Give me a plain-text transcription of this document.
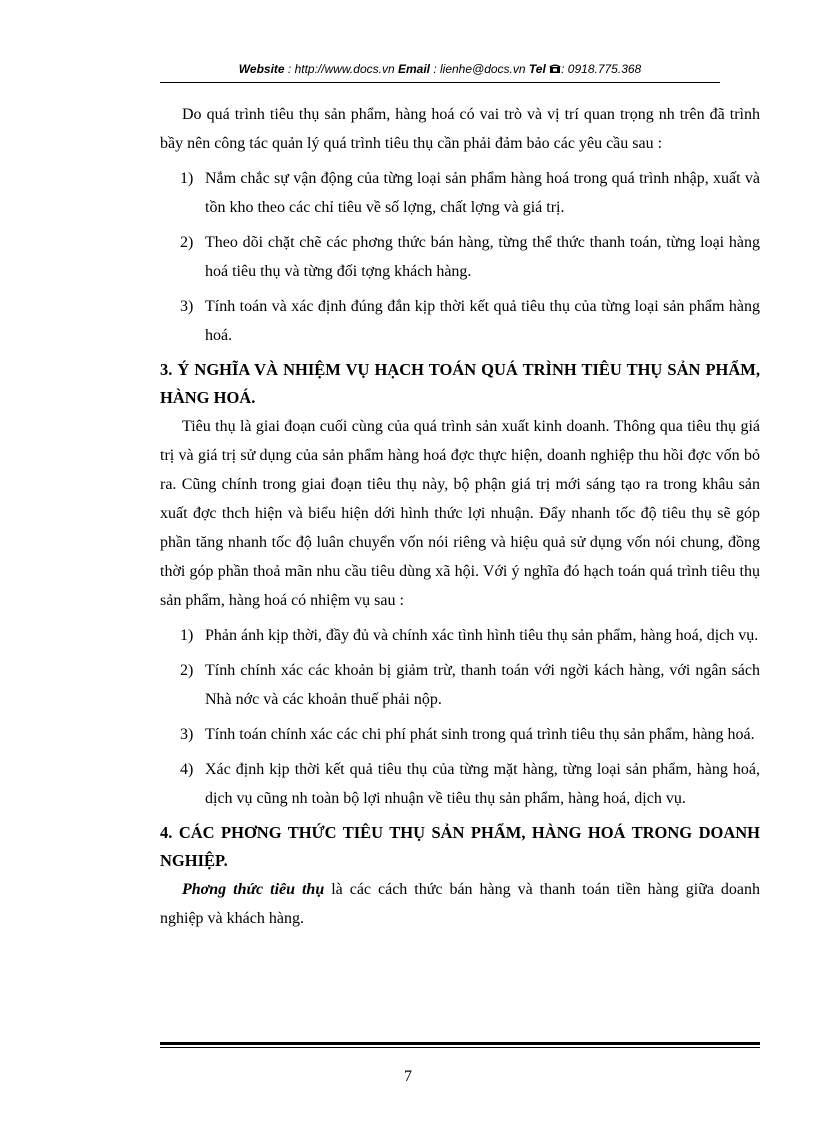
Website : http://www.docs.vn Email : lienhe@docs.vn Tel : 0918.775.368

Do quá trình tiêu thụ sản phẩm, hàng hoá có vai trò và vị trí quan trọng nh trên đã trình bầy nên công tác quản lý quá trình tiêu thụ cần phải đảm bảo các yêu cầu sau :

1) Nắm chắc sự vận động của từng loại sản phẩm hàng hoá trong quá trình nhập, xuất và tồn kho theo các chỉ tiêu về số lợng, chất lợng và giá trị.
2) Theo dõi chặt chẽ các phơng thức bán hàng, từng thể thức thanh toán, từng loại hàng hoá tiêu thụ và từng đối tợng khách hàng.
3) Tính toán và xác định đúng đắn kịp thời kết quả tiêu thụ của từng loại sản phẩm hàng hoá.
3. Ý NGHĨA VÀ NHIỆM VỤ HẠCH TOÁN QUÁ TRÌNH TIÊU THỤ SẢN PHẨM, HÀNG HOÁ.

Tiêu thụ là giai đoạn cuối cùng của quá trình sản xuất kinh doanh. Thông qua tiêu thụ giá trị và giá trị sử dụng của sản phẩm hàng hoá đợc thực hiện, doanh nghiệp thu hồi đợc vốn bỏ ra. Cũng chính trong giai đoạn tiêu thụ này, bộ phận giá trị mới sáng tạo ra trong khâu sản xuất đợc thch hiện và biểu hiện dới hình thức lợi nhuận. Đẩy nhanh tốc độ tiêu thụ sẽ góp phần tăng nhanh tốc độ luân chuyển vốn nói riêng và hiệu quả sử dụng vốn nói chung, đồng thời góp phần thoả mãn nhu cầu tiêu dùng xã hội. Với ý nghĩa đó hạch toán quá trình tiêu thụ sản phẩm, hàng hoá có nhiệm vụ sau :

1) Phản ánh kịp thời, đầy đủ và chính xác tình hình tiêu thụ sản phẩm, hàng hoá, dịch vụ.
2) Tính chính xác các khoản bị giảm trừ, thanh toán với ngời kách hàng, với ngân sách Nhà nớc và các khoản thuế phải nộp.
3) Tính toán chính xác các chi phí phát sinh trong quá trình tiêu thụ sản phẩm, hàng hoá.
4) Xác định kịp thời kết quả tiêu thụ của từng mặt hàng, từng loại sản phẩm, hàng hoá, dịch vụ cũng nh toàn bộ lợi nhuận về tiêu thụ sản phẩm, hàng hoá, dịch vụ.
4. CÁC PHƠNG THỨC TIÊU THỤ SẢN PHẨM, HÀNG HOÁ TRONG DOANH NGHIỆP.

Phơng thức tiêu thụ là các cách thức bán hàng và thanh toán tiền hàng giữa doanh nghiệp và khách hàng.

7
